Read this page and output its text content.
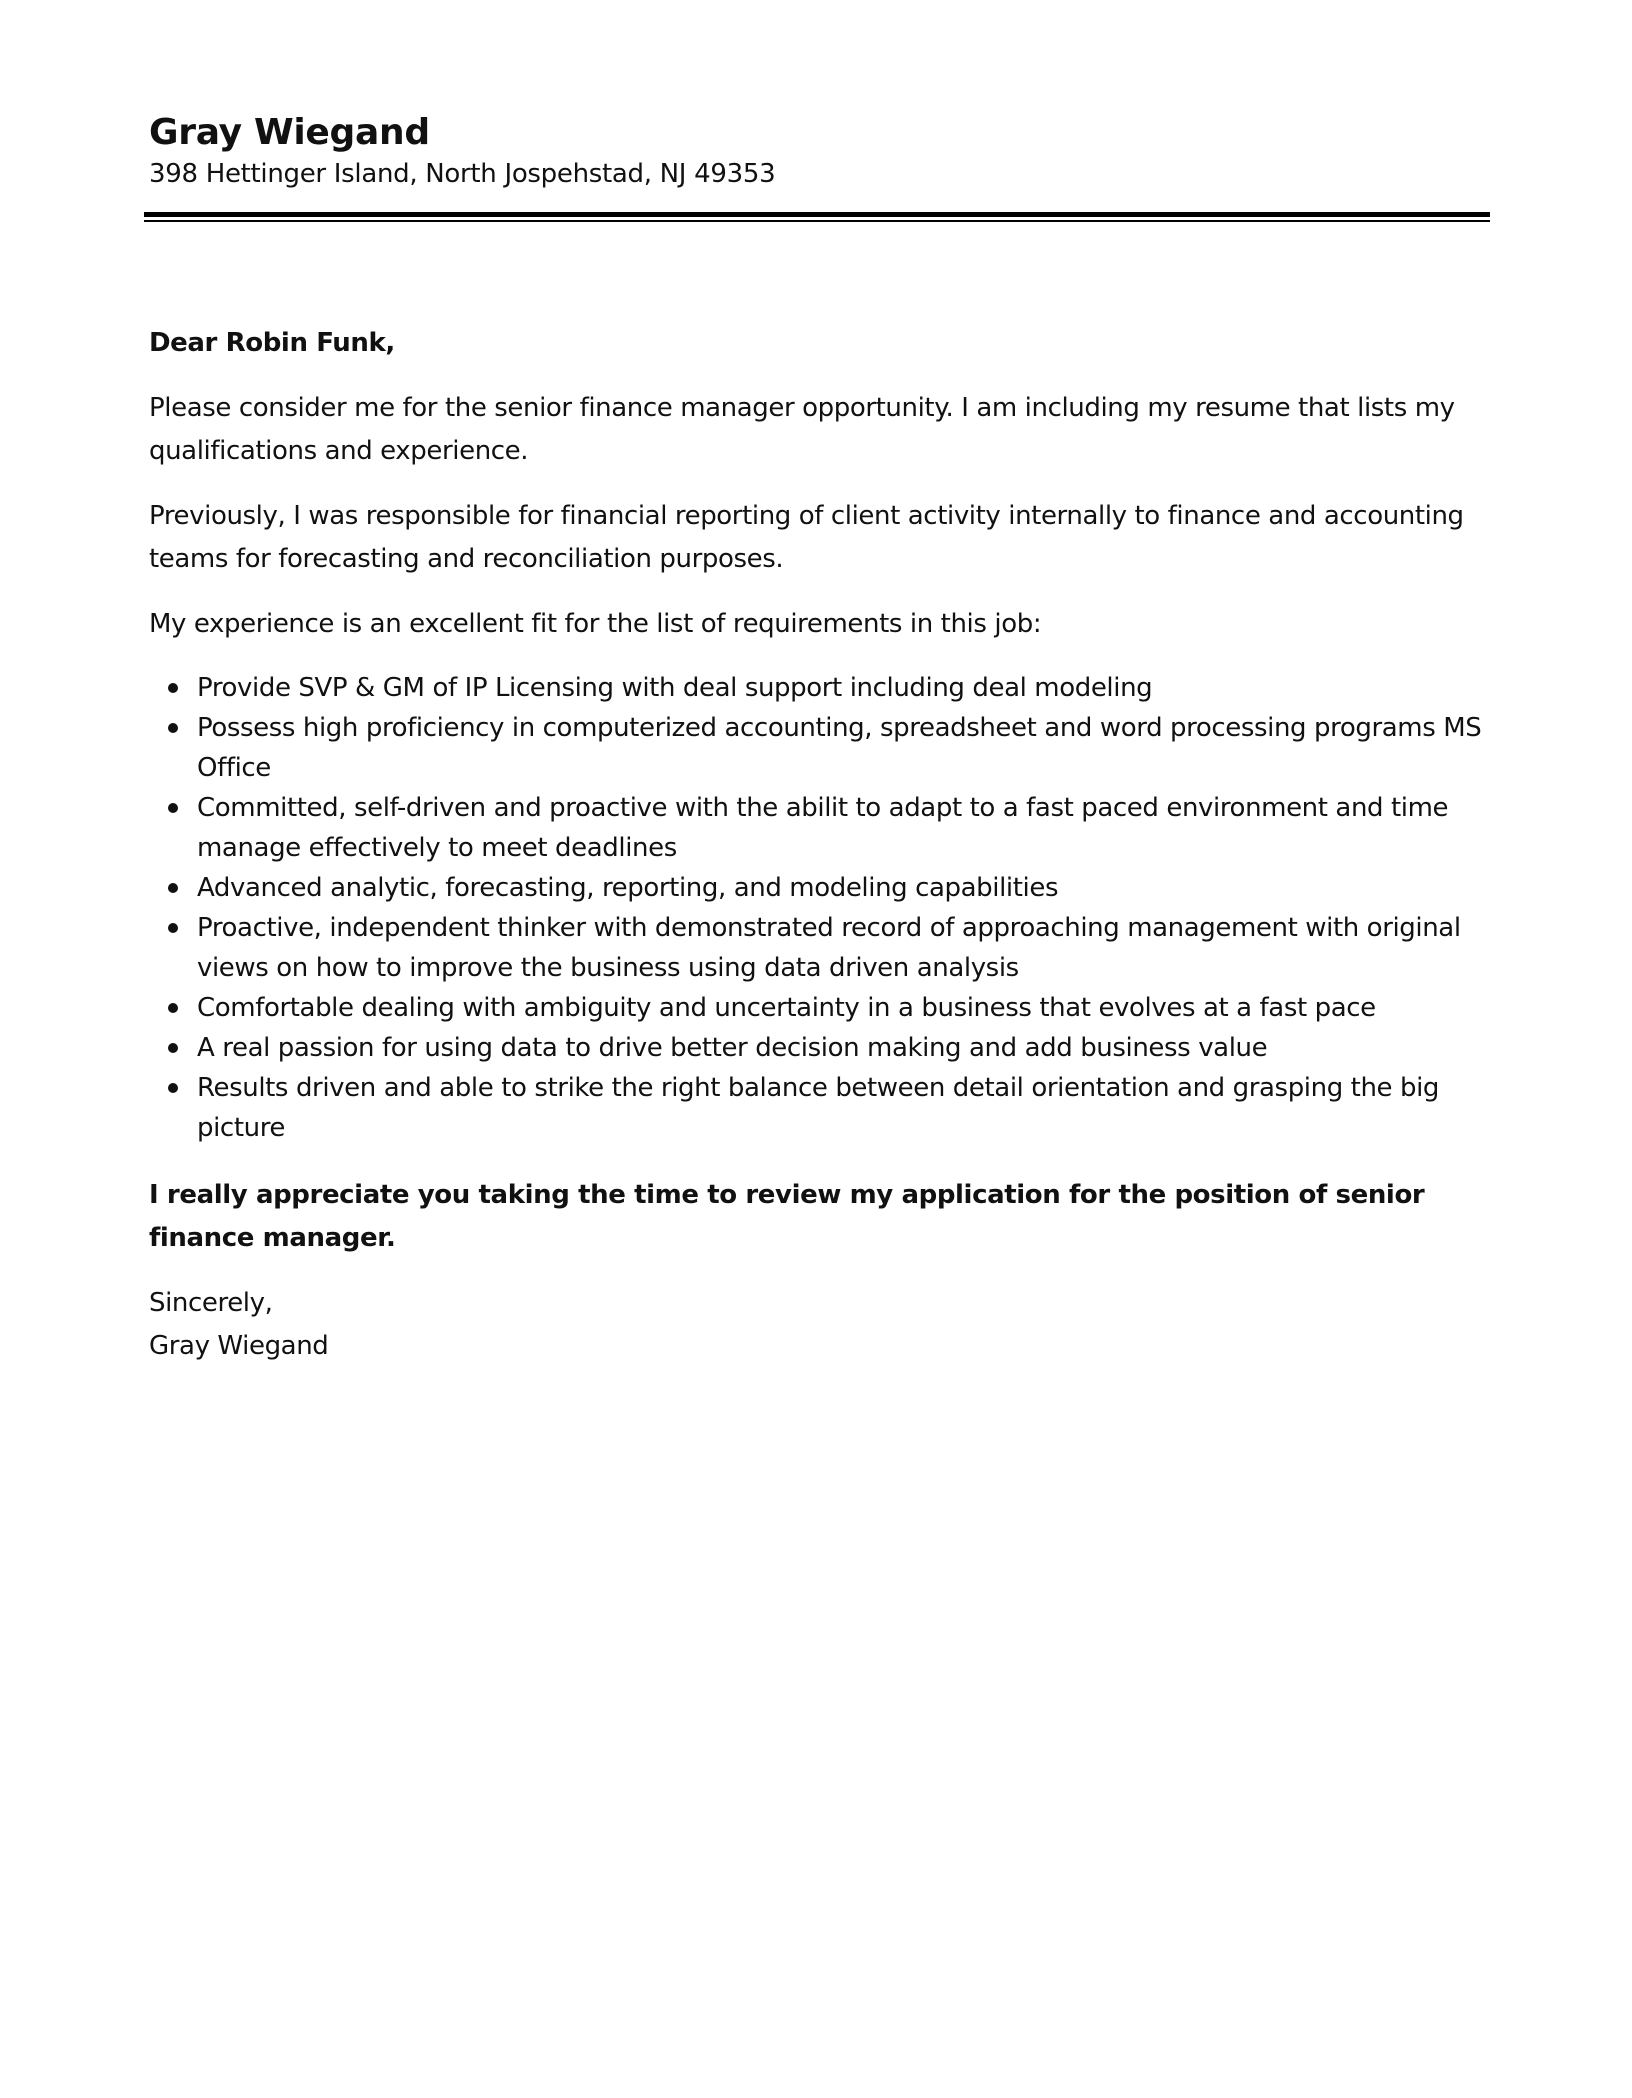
Gray Wiegand

398 Hettinger Island, North Jospehstad, NJ 49353

Dear Robin Funk,

Please consider me for the senior finance manager opportunity. I am including my resume that lists my qualifications and experience.

Previously, I was responsible for financial reporting of client activity internally to finance and accounting teams for forecasting and reconciliation purposes.

My experience is an excellent fit for the list of requirements in this job:

Provide SVP & GM of IP Licensing with deal support including deal modeling
Possess high proficiency in computerized accounting, spreadsheet and word processing programs MS Office
Committed, self-driven and proactive with the abilit to adapt to a fast paced environment and time manage effectively to meet deadlines
Advanced analytic, forecasting, reporting, and modeling capabilities
Proactive, independent thinker with demonstrated record of approaching management with original views on how to improve the business using data driven analysis
Comfortable dealing with ambiguity and uncertainty in a business that evolves at a fast pace
A real passion for using data to drive better decision making and add business value
Results driven and able to strike the right balance between detail orientation and grasping the big picture

I really appreciate you taking the time to review my application for the position of senior finance manager.

Sincerely,

Gray Wiegand
